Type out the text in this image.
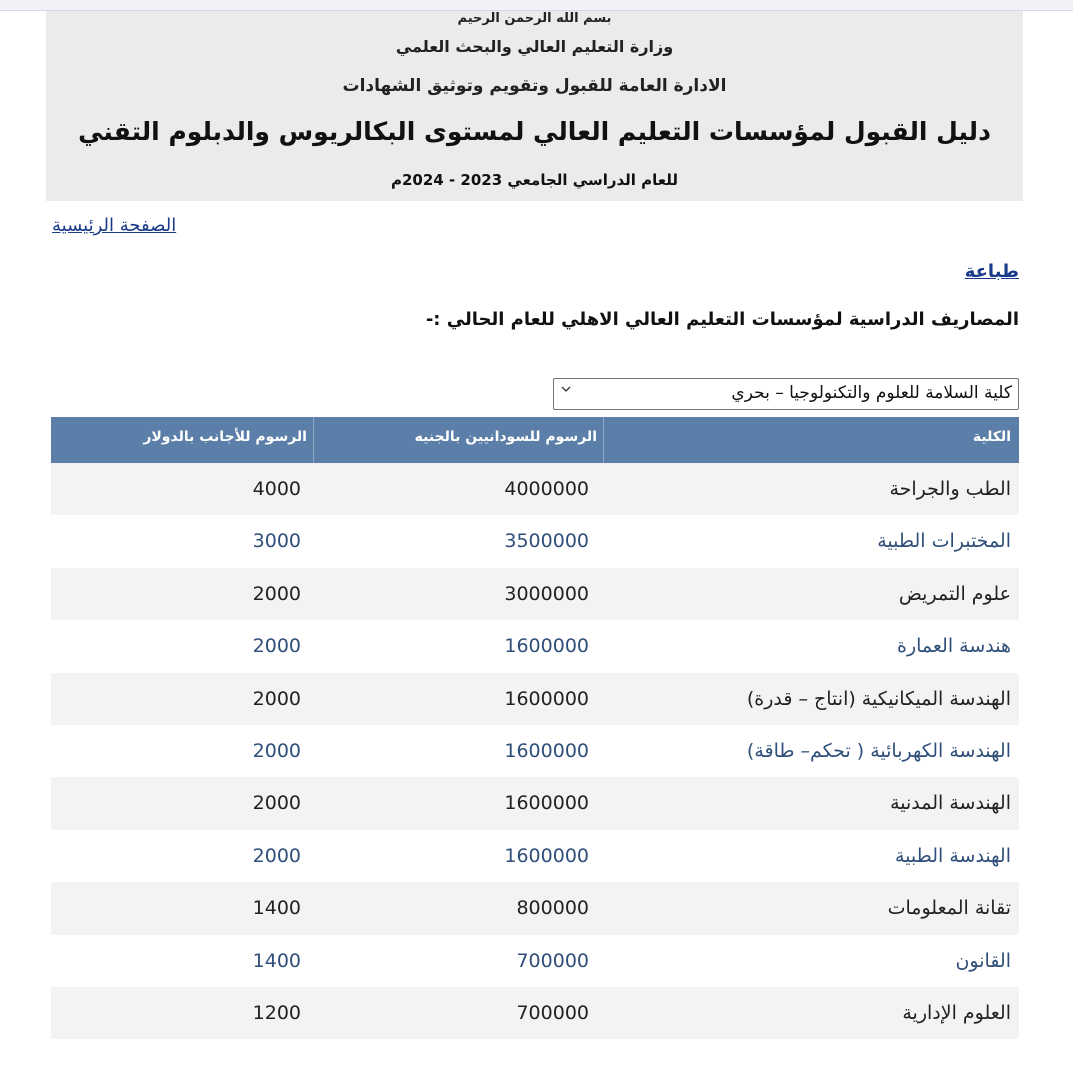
بسم الله الرحمن الرحيم
وزارة التعليم العالي والبحث العلمي
الادارة العامة للقبول وتقويم وتوثيق الشهادات
دليل القبول لمؤسسات التعليم العالي لمستوى البكالريوس والدبلوم التقني
للعام الدراسي الجامعي 2023 - 2024م
الصفحة الرئيسية
طباعة
المصاريف الدراسية لمؤسسات التعليم العالي الاهلي للعام الحالي :-
كلية السلامة للعلوم والتكنولوجيا – بحري
الكلية
الرسوم للسودانيين بالجنيه
الرسوم للأجانب بالدولار
الطب والجراحة
4000000
4000
المختبرات الطبية
3500000
3000
علوم التمريض
3000000
2000
هندسة العمارة
1600000
2000
الهندسة الميكانيكية (انتاج – قدرة)
1600000
2000
الهندسة الكهربائية ( تحكم– طاقة)
1600000
2000
الهندسة المدنية
1600000
2000
الهندسة الطبية
1600000
2000
تقانة المعلومات
800000
1400
القانون
700000
1400
العلوم الإدارية
700000
1200
